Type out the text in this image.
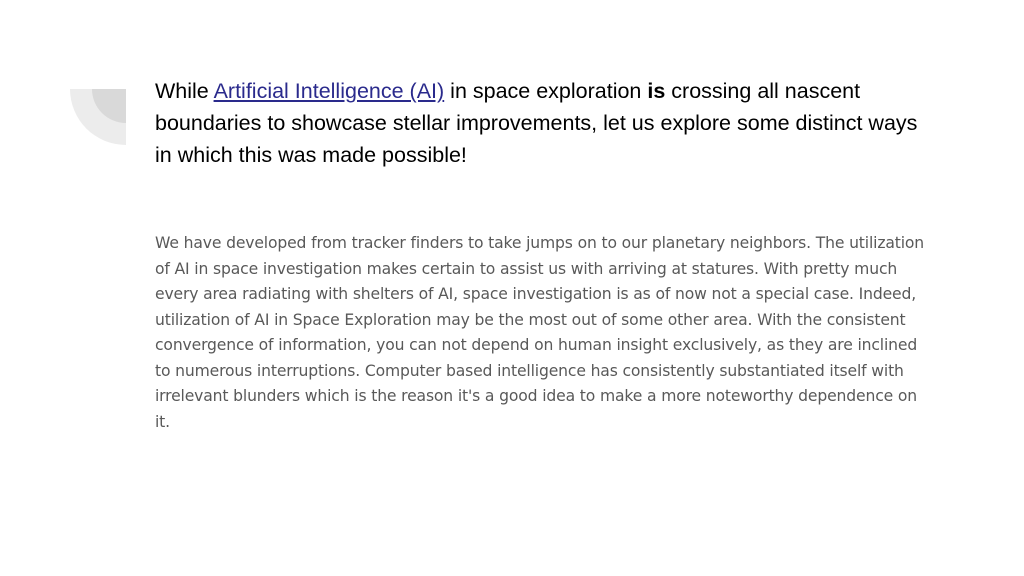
While Artificial Intelligence (AI) in space exploration is crossing all nascent boundaries to showcase stellar improvements, let us explore some distinct ways in which this was made possible!

We have developed from tracker finders to take jumps on to our planetary neighbors. The utilization of AI in space investigation makes certain to assist us with arriving at statures. With pretty much every area radiating with shelters of AI, space investigation is as of now not a special case. Indeed, utilization of AI in Space Exploration may be the most out of some other area. With the consistent convergence of information, you can not depend on human insight exclusively, as they are inclined to numerous interruptions. Computer based intelligence has consistently substantiated itself with irrelevant blunders which is the reason it's a good idea to make a more noteworthy dependence on it.
